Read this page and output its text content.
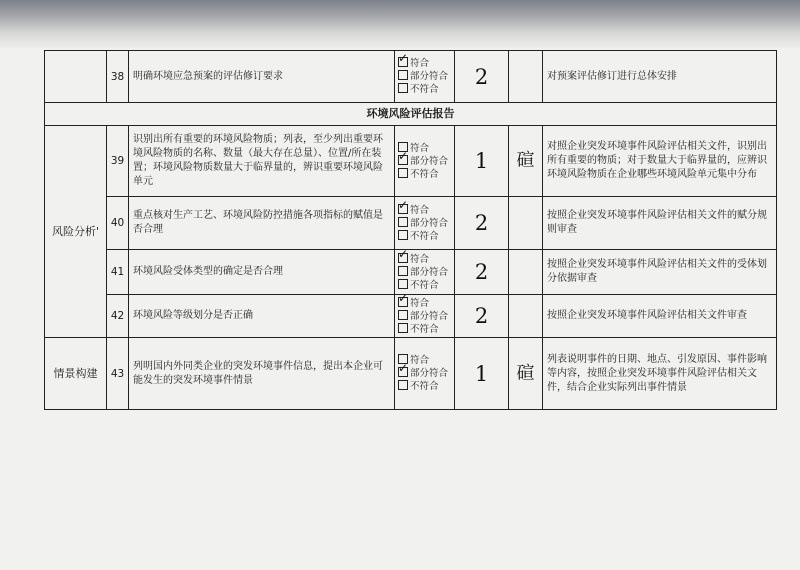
	38	明确环境应急预案的评估修订要求	✓ 符合
部分符合
不符合	2		对预案评估修订进行总体安排
环境风险评估报告						
风险分析'	39	识别出所有重要的环境风险物质；列表，至少列出重要环境风险物质的名称、数量（最大存在总量）、位置/所在装置；环境风险物质数量大于临界量的，辨识重要环境风险单元	符合
✓ 部分符合
不符合	1	碹	对照企业突发环境事件风险评估相关文件，识别出所有重要的物质；对于数量大于临界量的，应辨识环境风险物质在企业哪些环境风险单元集中分布
	40	重点核对生产工艺、环境风险防控措施各项指标的赋值是否合理	✓ 符合
部分符合
不符合	2		按照企业突发环境事件风险评估相关文件的赋分规则审查
	41	环境风险受体类型的确定是否合理	✓ 符合
部分符合
不符合	2		按照企业突发环境事件风险评估相关文件的受体划分依据审查
	42	环境风险等级划分是否正确	✓ 符合
部分符合
不符合	2		按照企业突发环境事件风险评估相关文件审查
情景构建	43	列明国内外同类企业的突发环境事件信息，提出本企业可能发生的突发环境事件情景	符合
✓ 部分符合
不符合	1	碹	列表说明事件的日期、地点、引发原因、事件影响等内容，按照企业突发环境事件风险评估相关文件，结合企业实际列出事件情景
